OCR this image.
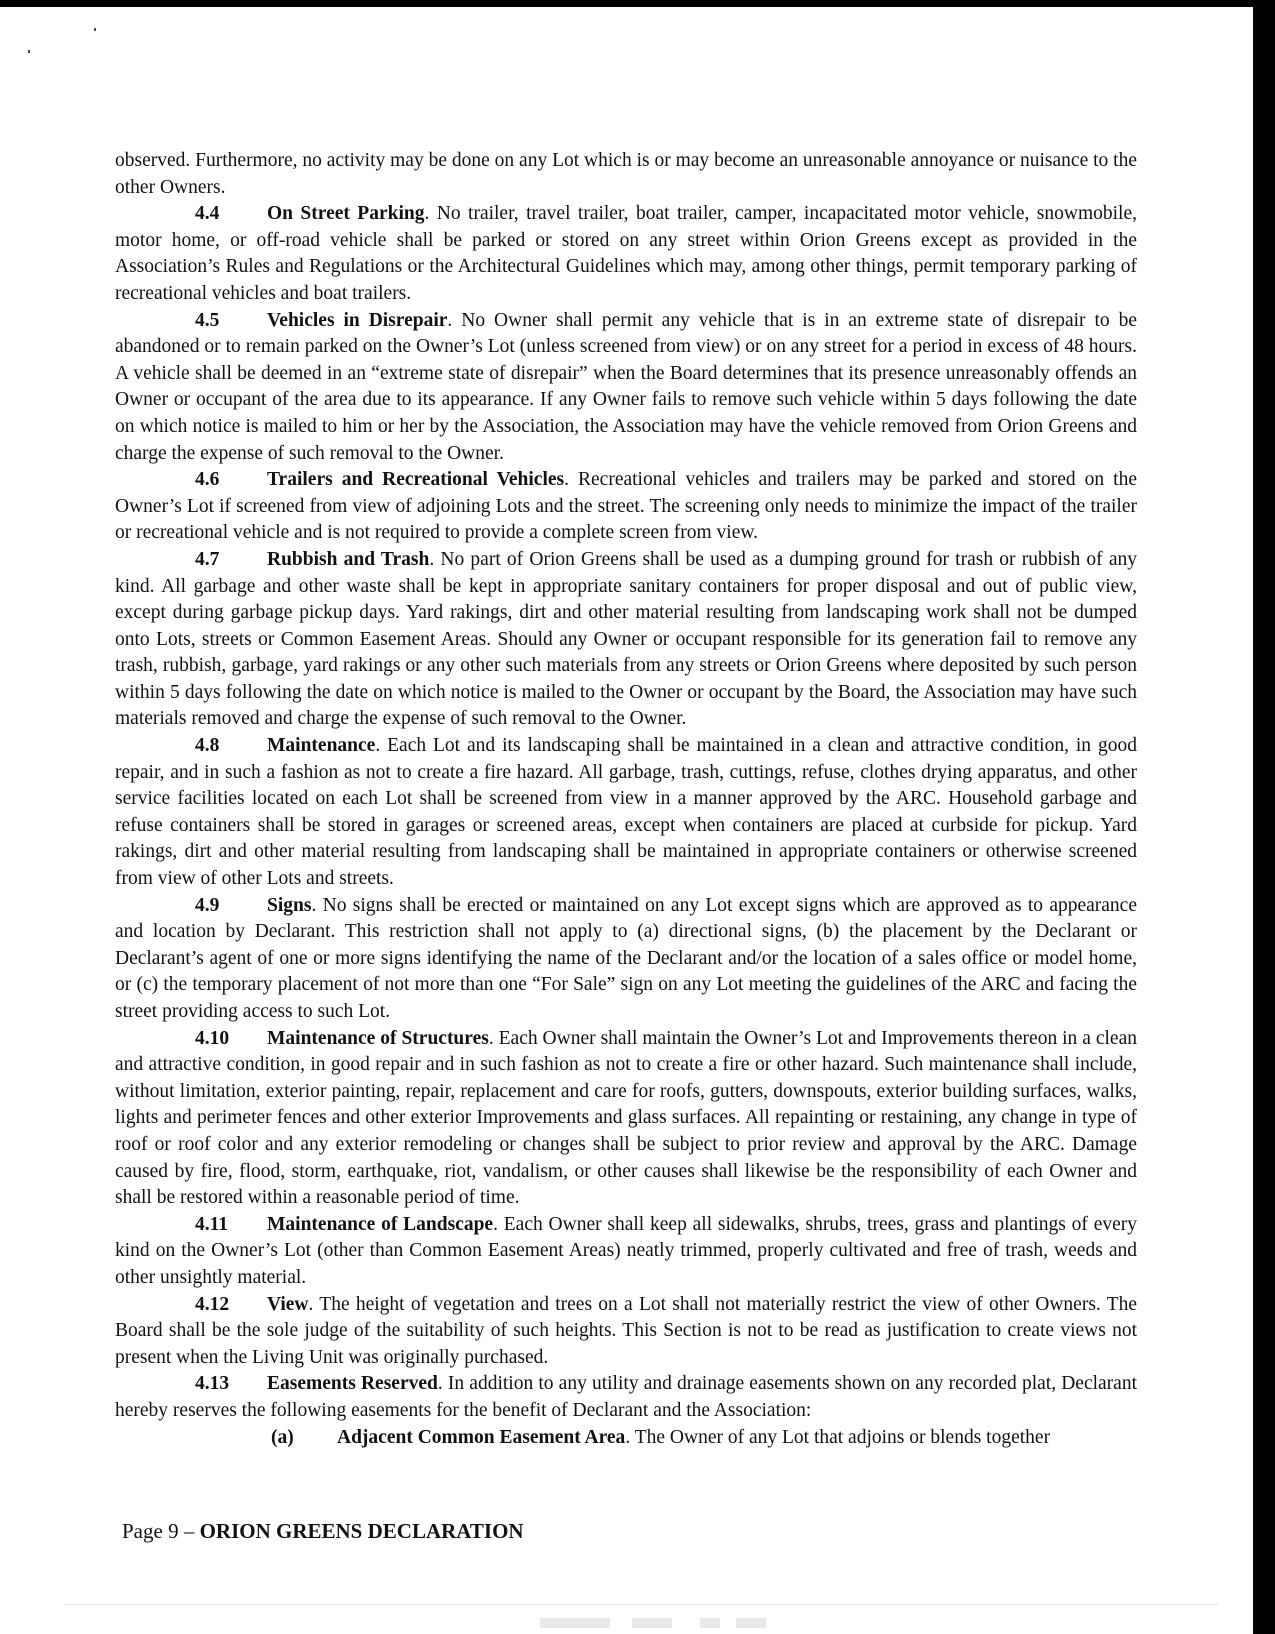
observed. Furthermore, no activity may be done on any Lot which is or may become an unreasonable annoyance or nuisance to the other Owners.

4.4 On Street Parking. No trailer, travel trailer, boat trailer, camper, incapacitated motor vehicle, snowmobile, motor home, or off-road vehicle shall be parked or stored on any street within Orion Greens except as provided in the Association’s Rules and Regulations or the Architectural Guidelines which may, among other things, permit temporary parking of recreational vehicles and boat trailers.

4.5 Vehicles in Disrepair. No Owner shall permit any vehicle that is in an extreme state of disrepair to be abandoned or to remain parked on the Owner’s Lot (unless screened from view) or on any street for a period in excess of 48 hours. A vehicle shall be deemed in an “extreme state of disrepair” when the Board determines that its presence unreasonably offends an Owner or occupant of the area due to its appearance. If any Owner fails to remove such vehicle within 5 days following the date on which notice is mailed to him or her by the Association, the Association may have the vehicle removed from Orion Greens and charge the expense of such removal to the Owner.

4.6 Trailers and Recreational Vehicles. Recreational vehicles and trailers may be parked and stored on the Owner’s Lot if screened from view of adjoining Lots and the street. The screening only needs to minimize the impact of the trailer or recreational vehicle and is not required to provide a complete screen from view.

4.7 Rubbish and Trash. No part of Orion Greens shall be used as a dumping ground for trash or rubbish of any kind. All garbage and other waste shall be kept in appropriate sanitary containers for proper disposal and out of public view, except during garbage pickup days. Yard rakings, dirt and other material resulting from landscaping work shall not be dumped onto Lots, streets or Common Easement Areas. Should any Owner or occupant responsible for its generation fail to remove any trash, rubbish, garbage, yard rakings or any other such materials from any streets or Orion Greens where deposited by such person within 5 days following the date on which notice is mailed to the Owner or occupant by the Board, the Association may have such materials removed and charge the expense of such removal to the Owner.

4.8 Maintenance. Each Lot and its landscaping shall be maintained in a clean and attractive condition, in good repair, and in such a fashion as not to create a fire hazard. All garbage, trash, cuttings, refuse, clothes drying apparatus, and other service facilities located on each Lot shall be screened from view in a manner approved by the ARC. Household garbage and refuse containers shall be stored in garages or screened areas, except when containers are placed at curbside for pickup. Yard rakings, dirt and other material resulting from landscaping shall be maintained in appropriate containers or otherwise screened from view of other Lots and streets.

4.9 Signs. No signs shall be erected or maintained on any Lot except signs which are approved as to appearance and location by Declarant. This restriction shall not apply to (a) directional signs, (b) the placement by the Declarant or Declarant’s agent of one or more signs identifying the name of the Declarant and/or the location of a sales office or model home, or (c) the temporary placement of not more than one “For Sale” sign on any Lot meeting the guidelines of the ARC and facing the street providing access to such Lot.

4.10 Maintenance of Structures. Each Owner shall maintain the Owner’s Lot and Improvements thereon in a clean and attractive condition, in good repair and in such fashion as not to create a fire or other hazard. Such maintenance shall include, without limitation, exterior painting, repair, replacement and care for roofs, gutters, downspouts, exterior building surfaces, walks, lights and perimeter fences and other exterior Improvements and glass surfaces. All repainting or restaining, any change in type of roof or roof color and any exterior remodeling or changes shall be subject to prior review and approval by the ARC. Damage caused by fire, flood, storm, earthquake, riot, vandalism, or other causes shall likewise be the responsibility of each Owner and shall be restored within a reasonable period of time.

4.11 Maintenance of Landscape. Each Owner shall keep all sidewalks, shrubs, trees, grass and plantings of every kind on the Owner’s Lot (other than Common Easement Areas) neatly trimmed, properly cultivated and free of trash, weeds and other unsightly material.

4.12 View. The height of vegetation and trees on a Lot shall not materially restrict the view of other Owners. The Board shall be the sole judge of the suitability of such heights. This Section is not to be read as justification to create views not present when the Living Unit was originally purchased.

4.13 Easements Reserved. In addition to any utility and drainage easements shown on any recorded plat, Declarant hereby reserves the following easements for the benefit of Declarant and the Association:

(a) Adjacent Common Easement Area. The Owner of any Lot that adjoins or blends together

Page 9 – ORION GREENS DECLARATION
